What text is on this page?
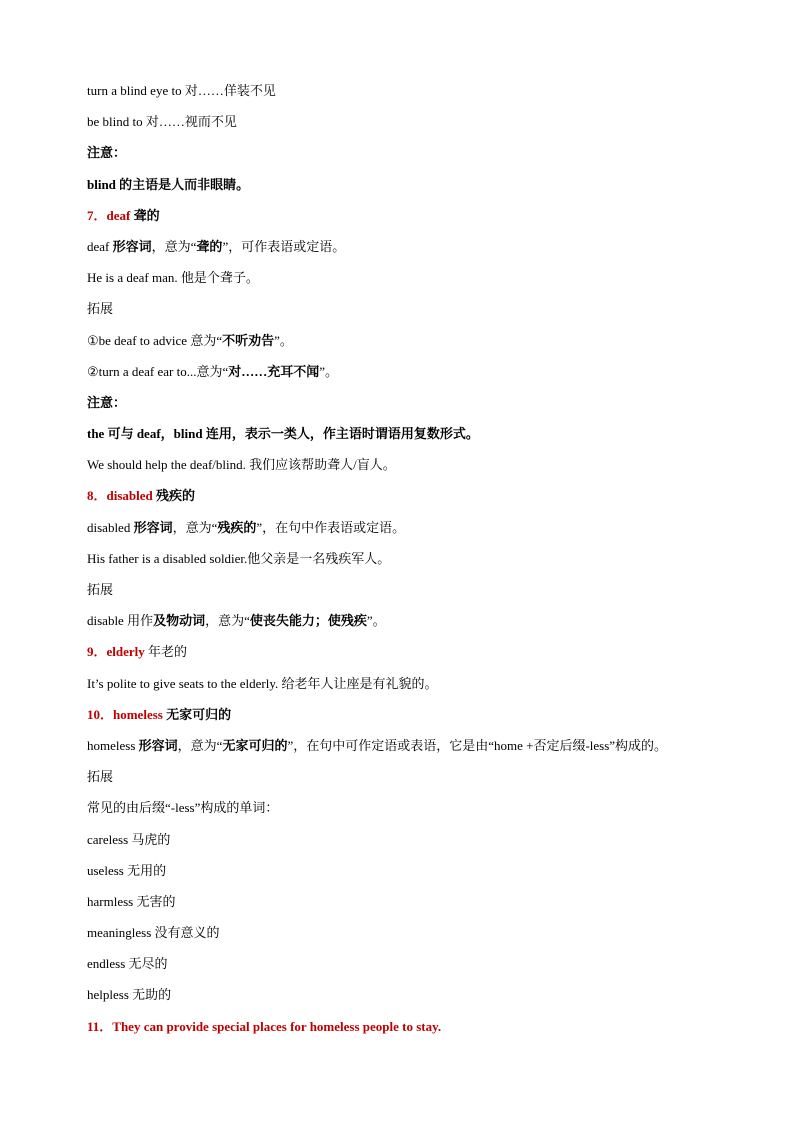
turn a blind eye to 对……佯装不见
be blind to 对……视而不见
注意：
blind 的主语是人而非眼睛。
7．deaf 聋的
deaf 形容词，意为“聋的”，可作表语或定语。
He is a deaf man. 他是个聋子。
拓展
①be deaf to advice 意为“不听劝告”。
②turn a deaf ear to...意为“对……充耳不闻”。
注意：
the 可与 deaf，blind 连用，表示一类人，作主语时谓语用复数形式。
We should help the deaf/blind. 我们应该帮助聋人/盲人。
8．disabled 残疾的
disabled 形容词，意为“残疾的”，在句中作表语或定语。
His father is a disabled soldier.他父亲是一名残疾军人。
拓展
disable 用作及物动词，意为“使丧失能力；使残疾”。
9．elderly 年老的
It’s polite to give seats to the elderly. 给老年人让座是有礼貌的。
10．homeless 无家可归的
homeless 形容词，意为“无家可归的”，在句中可作定语或表语，它是由“home +否定后缀-less”构成的。
拓展
常见的由后缀“-less”构成的单词：
careless 马虎的
useless 无用的
harmless 无害的
meaningless 没有意义的
endless 无尽的
helpless 无助的
11．They can provide special places for homeless people to stay.
